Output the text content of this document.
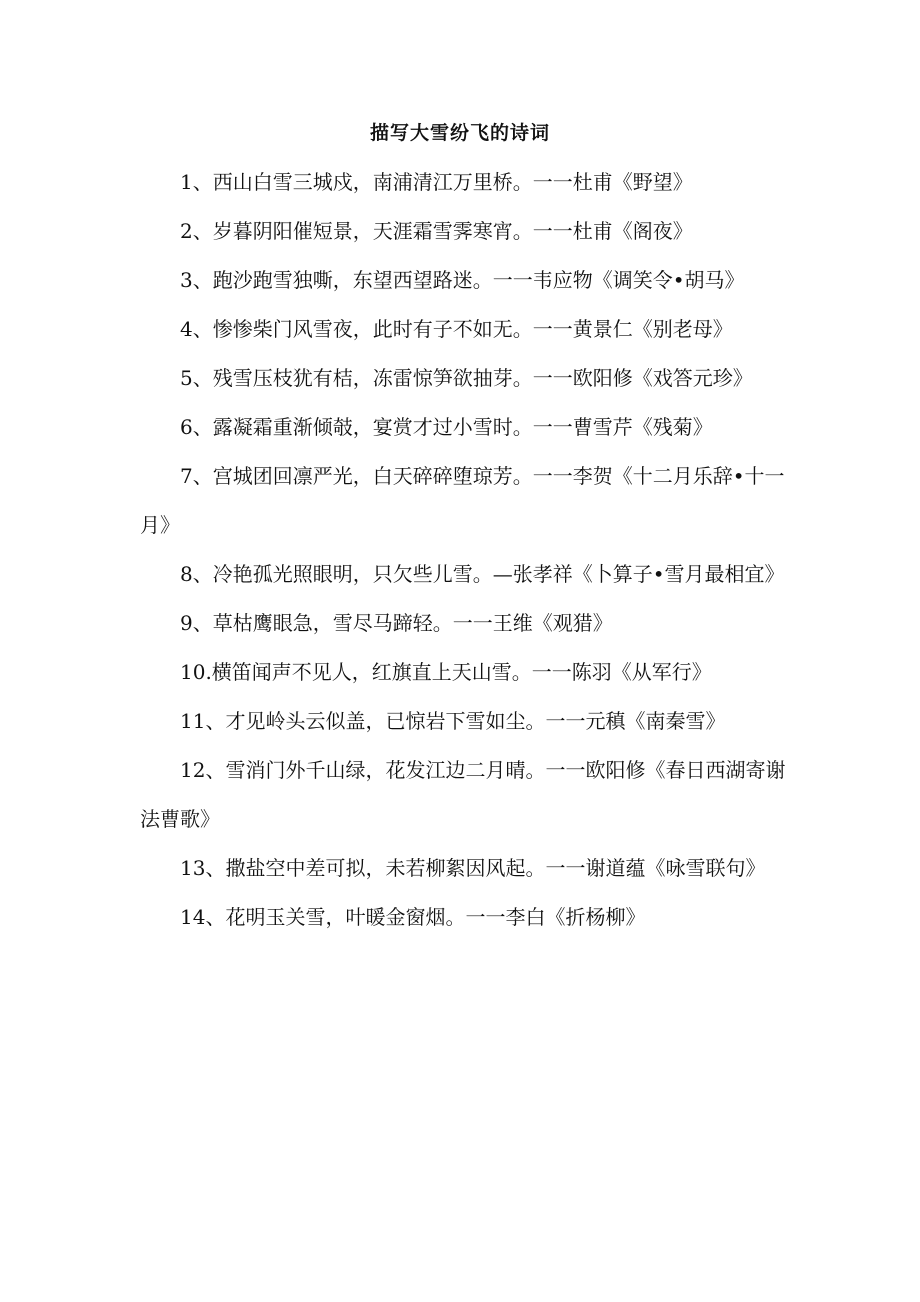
描写大雪纷飞的诗词

1、西山白雪三城戍，南浦清江万里桥。一一杜甫《野望》

2、岁暮阴阳催短景，天涯霜雪霁寒宵。一一杜甫《阁夜》

3、跑沙跑雪独嘶，东望西望路迷。一一韦应物《调笑令•胡马》

4、惨惨柴门风雪夜，此时有子不如无。一一黄景仁《别老母》

5、残雪压枝犹有桔，冻雷惊笋欲抽芽。一一欧阳修《戏答元珍》

6、露凝霜重渐倾攲，宴赏才过小雪时。一一曹雪芹《残菊》

7、宫城团回凛严光，白天碎碎堕琼芳。一一李贺《十二月乐辞•十一月》

8、冷艳孤光照眼明，只欠些儿雪。—张孝祥《卜算子•雪月最相宜》

9、草枯鹰眼急，雪尽马蹄轻。一一王维《观猎》

10.横笛闻声不见人，红旗直上天山雪。一一陈羽《从军行》

11、才见岭头云似盖，已惊岩下雪如尘。一一元稹《南秦雪》

12、雪消门外千山绿，花发江边二月晴。一一欧阳修《春日西湖寄谢法曹歌》

13、撒盐空中差可拟，未若柳絮因风起。一一谢道蕴《咏雪联句》

14、花明玉关雪，叶暖金窗烟。一一李白《折杨柳》
